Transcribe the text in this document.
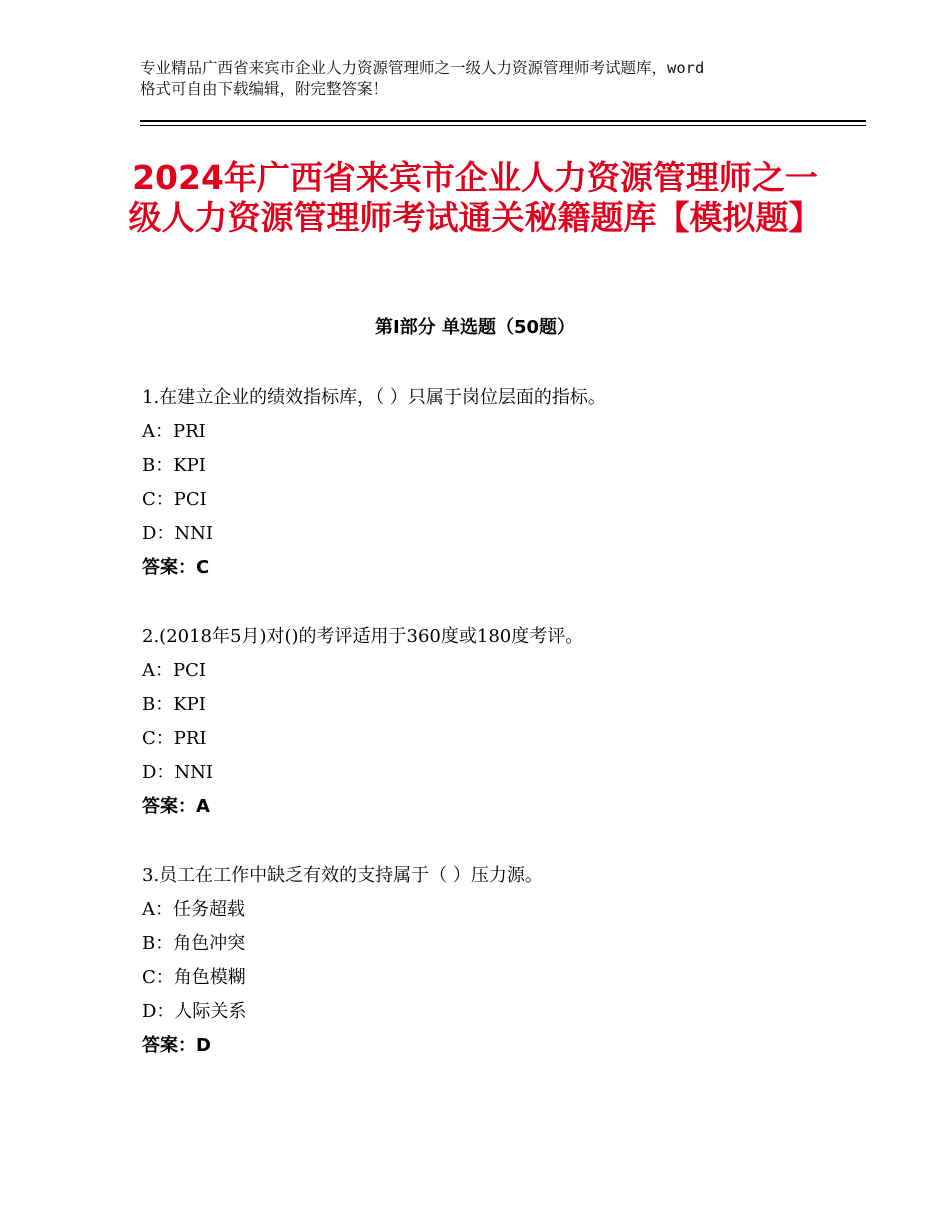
专业精品广西省来宾市企业人力资源管理师之一级人力资源管理师考试题库，word
格式可自由下载编辑，附完整答案！
2024年广西省来宾市企业人力资源管理师之一级人力资源管理师考试通关秘籍题库【模拟题】
第Ⅰ部分 单选题（50题）
1.在建立企业的绩效指标库，（ ）只属于岗位层面的指标。
A：PRI
B：KPI
C：PCI
D：NNI
答案：C
2.(2018年5月)对()的考评适用于360度或180度考评。
A：PCI
B：KPI
C：PRI
D：NNI
答案：A
3.员工在工作中缺乏有效的支持属于（ ）压力源。
A：任务超载
B：角色冲突
C：角色模糊
D：人际关系
答案：D
